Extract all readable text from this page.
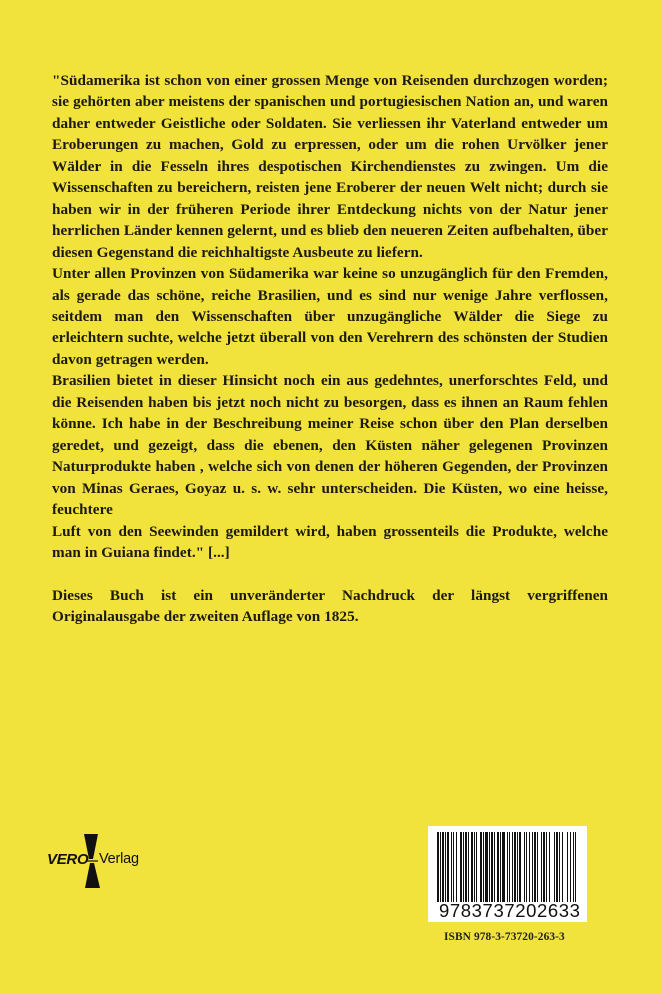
"Südamerika ist schon von einer grossen Menge von Reisenden durchzogen worden;
sie gehörten aber meistens der spanischen und portugiesischen Nation an, und waren
daher entweder Geistliche oder Soldaten. Sie verliessen ihr Vaterland entweder um
Eroberungen zu machen, Gold zu erpressen, oder um die rohen Urvölker jener
Wälder in die Fesseln ihres despotischen Kirchendienstes zu zwingen. Um die
Wissenschaften zu bereichern, reisten jene Eroberer der neuen Welt nicht; durch sie
haben wir in der früheren Periode ihrer Entdeckung nichts von der Natur jener
herrlichen Länder kennen gelernt, und es blieb den neueren Zeiten aufbehalten, über
diesen Gegenstand die reichhaltigste Ausbeute zu liefern.

Unter allen Provinzen von Südamerika war keine so unzugänglich für den Fremden,
als gerade das schöne, reiche Brasilien, und es sind nur wenige Jahre verflossen,
seitdem man den Wissenschaften über unzugängliche Wälder die Siege zu
erleichtern suchte, welche jetzt überall von den Verehrern des schönsten der Studien
davon getragen werden.

Brasilien bietet in dieser Hinsicht noch ein aus gedehntes, unerforschtes Feld, und
die Reisenden haben bis jetzt noch nicht zu besorgen, dass es ihnen an Raum fehlen
könne. Ich habe in der Beschreibung meiner Reise schon über den Plan derselben
geredet, und gezeigt, dass die ebenen, den Küsten näher gelegenen Provinzen
Naturprodukte haben , welche sich von denen der höheren Gegenden, der Provinzen
von Minas Geraes, Goyaz u. s. w. sehr unterscheiden. Die Küsten, wo eine heisse,
feuchtere

Luft von den Seewinden gemildert wird, haben grossenteils die Produkte, welche
man in Guiana findet." [...]

Dieses Buch ist ein unveränderter Nachdruck der längst vergriffenen
Originalausgabe der zweiten Auflage von 1825.

VERO Verlag
9783737202633
ISBN 978-3-73720-263-3
